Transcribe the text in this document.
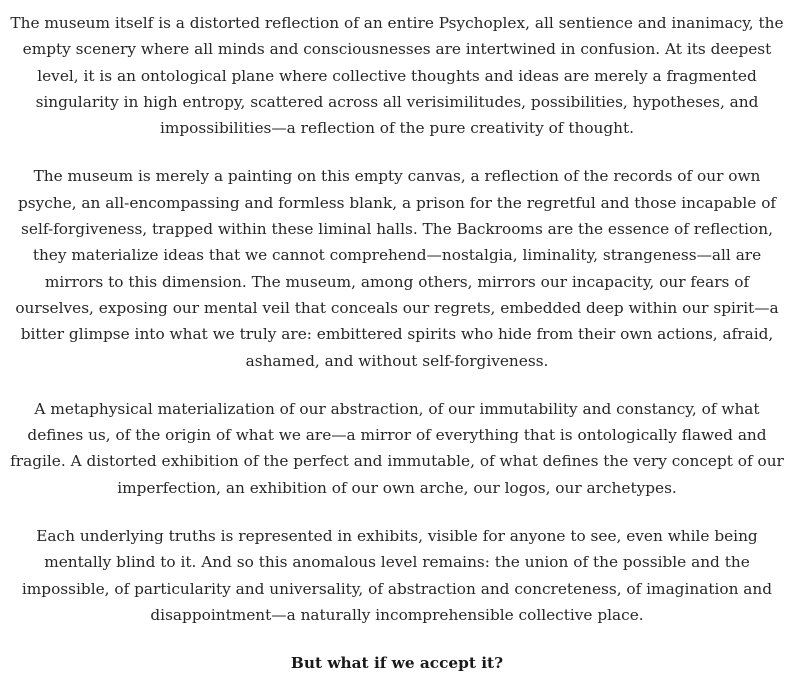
The museum itself is a distorted reflection of an entire Psychoplex, all sentience and inanimacy, the empty scenery where all minds and consciousnesses are intertwined in confusion. At its deepest level, it is an ontological plane where collective thoughts and ideas are merely a fragmented singularity in high entropy, scattered across all verisimilitudes, possibilities, hypotheses, and impossibilities—a reflection of the pure creativity of thought.

The museum is merely a painting on this empty canvas, a reflection of the records of our own psyche, an all-encompassing and formless blank, a prison for the regretful and those incapable of self-forgiveness, trapped within these liminal halls. The Backrooms are the essence of reflection, they materialize ideas that we cannot comprehend—nostalgia, liminality, strangeness—all are mirrors to this dimension. The museum, among others, mirrors our incapacity, our fears of ourselves, exposing our mental veil that conceals our regrets, embedded deep within our spirit—a bitter glimpse into what we truly are: embittered spirits who hide from their own actions, afraid, ashamed, and without self-forgiveness.

A metaphysical materialization of our abstraction, of our immutability and constancy, of what defines us, of the origin of what we are—a mirror of everything that is ontologically flawed and fragile. A distorted exhibition of the perfect and immutable, of what defines the very concept of our imperfection, an exhibition of our own arche, our logos, our archetypes.

Each underlying truths is represented in exhibits, visible for anyone to see, even while being mentally blind to it. And so this anomalous level remains: the union of the possible and the impossible, of particularity and universality, of abstraction and concreteness, of imagination and disappointment—a naturally incomprehensible collective place.

But what if we accept it?
